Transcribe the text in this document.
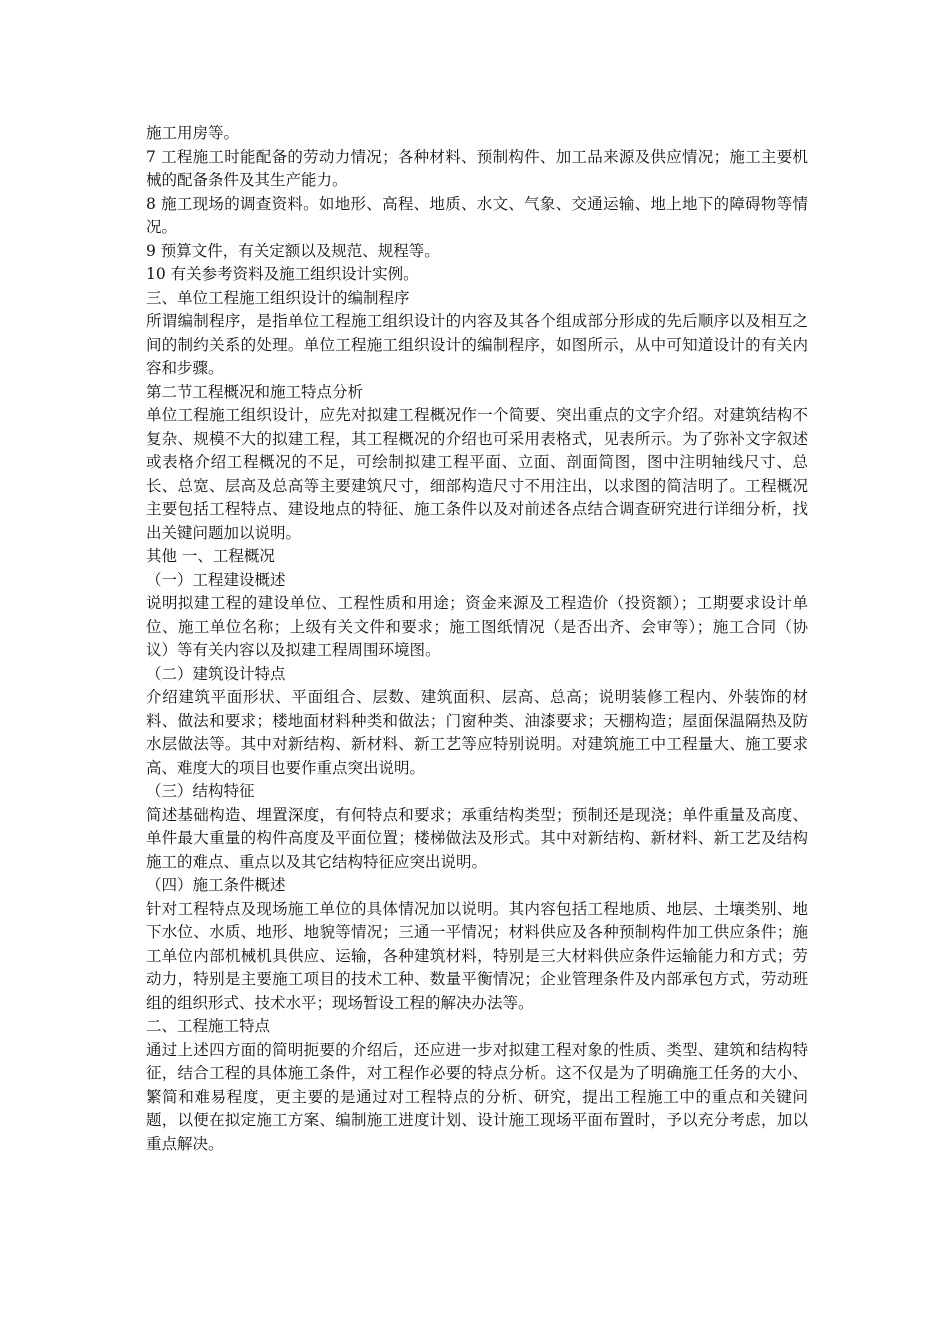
施工用房等。

7 工程施工时能配备的劳动力情况；各种材料、预制构件、加工品来源及供应情况；施工主要机械的配备条件及其生产能力。

8 施工现场的调查资料。如地形、高程、地质、水文、气象、交通运输、地上地下的障碍物等情况。

9 预算文件，有关定额以及规范、规程等。

10 有关参考资料及施工组织设计实例。

三、单位工程施工组织设计的编制程序

所谓编制程序，是指单位工程施工组织设计的内容及其各个组成部分形成的先后顺序以及相互之间的制约关系的处理。单位工程施工组织设计的编制程序，如图所示，从中可知道设计的有关内容和步骤。

第二节工程概况和施工特点分析

单位工程施工组织设计，应先对拟建工程概况作一个简要、突出重点的文字介绍。对建筑结构不复杂、规模不大的拟建工程，其工程概况的介绍也可采用表格式，见表所示。为了弥补文字叙述或表格介绍工程概况的不足，可绘制拟建工程平面、立面、剖面简图，图中注明轴线尺寸、总长、总宽、层高及总高等主要建筑尺寸，细部构造尺寸不用注出，以求图的简洁明了。工程概况主要包括工程特点、建设地点的特征、施工条件以及对前述各点结合调查研究进行详细分析，找出关键问题加以说明。

其他 一、工程概况

（一）工程建设概述

说明拟建工程的建设单位、工程性质和用途；资金来源及工程造价（投资额）；工期要求设计单位、施工单位名称；上级有关文件和要求；施工图纸情况（是否出齐、会审等）；施工合同（协议）等有关内容以及拟建工程周围环境图。

（二）建筑设计特点

介绍建筑平面形状、平面组合、层数、建筑面积、层高、总高；说明装修工程内、外装饰的材料、做法和要求；楼地面材料种类和做法；门窗种类、油漆要求；天棚构造；屋面保温隔热及防水层做法等。其中对新结构、新材料、新工艺等应特别说明。对建筑施工中工程量大、施工要求高、难度大的项目也要作重点突出说明。

（三）结构特征

简述基础构造、埋置深度，有何特点和要求；承重结构类型；预制还是现浇；单件重量及高度、单件最大重量的构件高度及平面位置；楼梯做法及形式。其中对新结构、新材料、新工艺及结构施工的难点、重点以及其它结构特征应突出说明。

（四）施工条件概述

针对工程特点及现场施工单位的具体情况加以说明。其内容包括工程地质、地层、土壤类别、地下水位、水质、地形、地貌等情况；三通一平情况；材料供应及各种预制构件加工供应条件；施工单位内部机械机具供应、运输，各种建筑材料，特别是三大材料供应条件运输能力和方式；劳动力，特别是主要施工项目的技术工种、数量平衡情况；企业管理条件及内部承包方式，劳动班组的组织形式、技术水平；现场暂设工程的解决办法等。

二、工程施工特点

通过上述四方面的简明扼要的介绍后，还应进一步对拟建工程对象的性质、类型、建筑和结构特征，结合工程的具体施工条件，对工程作必要的特点分析。这不仅是为了明确施工任务的大小、繁简和难易程度，更主要的是通过对工程特点的分析、研究，提出工程施工中的重点和关键问题，以便在拟定施工方案、编制施工进度计划、设计施工现场平面布置时，予以充分考虑，加以重点解决。
